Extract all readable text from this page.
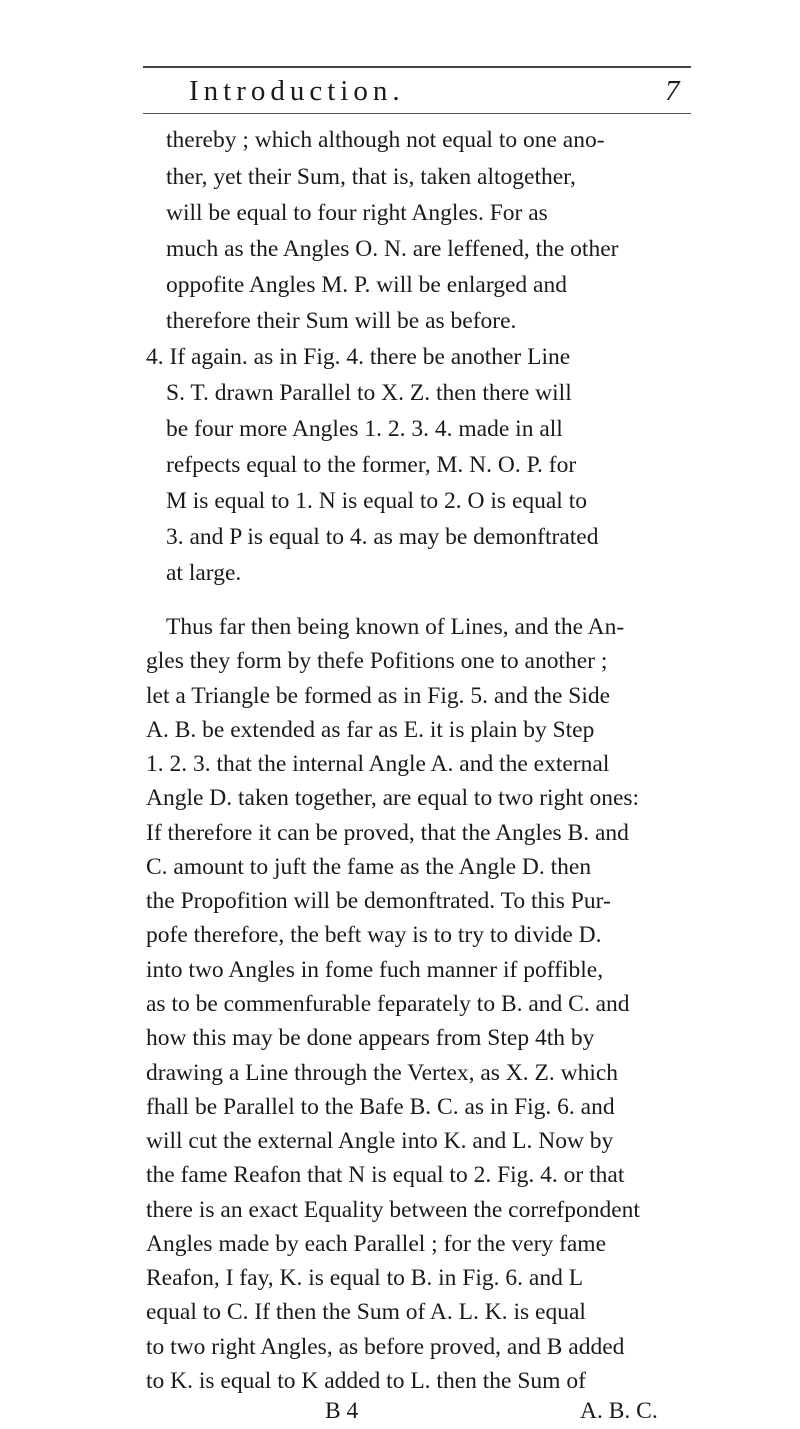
Introduction.	7
thereby ; which although not equal to one ano-
ther, yet their Sum, that is, taken altogether,
will be equal to four right Angles. For as
much as the Angles O. N. are leffened, the other
oppofite Angles M. P. will be enlarged and
therefore their Sum will be as before.
4. If again. as in Fig. 4. there be another Line
S. T. drawn Parallel to X. Z. then there will
be four more Angles 1. 2. 3. 4. made in all
refpects equal to the former, M. N. O. P. for
M is equal to 1. N is equal to 2. O is equal to
3. and P is equal to 4. as may be demonftrated
at large.
Thus far then being known of Lines, and the An-
gles they form by thefe Pofitions one to another ;
let a Triangle be formed as in Fig. 5. and the Side
A. B. be extended as far as E. it is plain by Step
1. 2. 3. that the internal Angle A. and the external
Angle D. taken together, are equal to two right ones:
If therefore it can be proved, that the Angles B. and
C. amount to juft the fame as the Angle D. then
the Propofition will be demonftrated. To this Pur-
pofe therefore, the beft way is to try to divide D.
into two Angles in fome fuch manner if poffible,
as to be commenfurable feparately to B. and C. and
how this may be done appears from Step 4th by
drawing a Line through the Vertex, as X. Z. which
fhall be Parallel to the Bafe B. C. as in Fig. 6. and
will cut the external Angle into K. and L. Now by
the fame Reafon that N is equal to 2. Fig. 4. or that
there is an exact Equality between the correfpondent
Angles made by each Parallel ; for the very fame
Reafon, I fay, K. is equal to B. in Fig. 6. and L
equal to C. If then the Sum of A. L. K. is equal
to two right Angles, as before proved, and B added
to K. is equal to K added to L. then the Sum of
B 4	A. B. C.
